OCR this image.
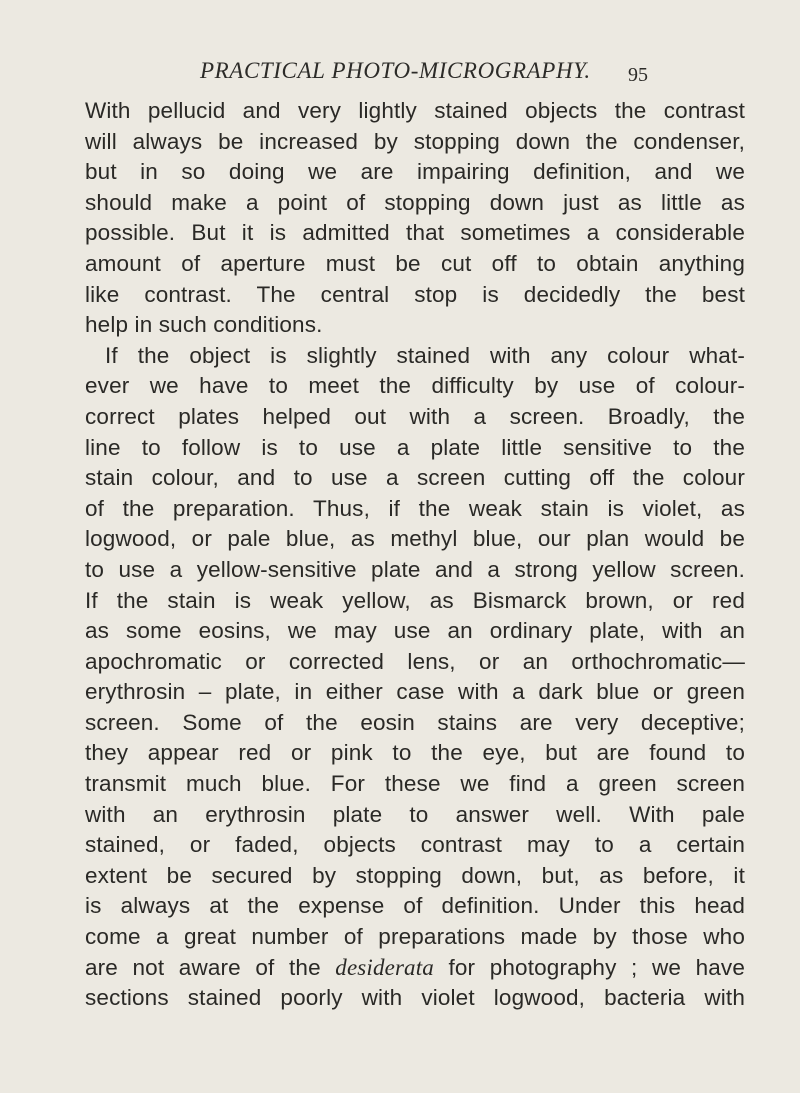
PRACTICAL PHOTO-MICROGRAPHY. 95
With pellucid and very lightly stained objects the contrast
will always be increased by stopping down the condenser,
but in so doing we are impairing definition, and we
should make a point of stopping down just as little as
possible. But it is admitted that sometimes a considerable
amount of aperture must be cut off to obtain anything
like contrast. The central stop is decidedly the best
help in such conditions.
If the object is slightly stained with any colour what-
ever we have to meet the difficulty by use of colour-
correct plates helped out with a screen. Broadly, the
line to follow is to use a plate little sensitive to the
stain colour, and to use a screen cutting off the colour
of the preparation. Thus, if the weak stain is violet, as
logwood, or pale blue, as methyl blue, our plan would be
to use a yellow-sensitive plate and a strong yellow screen.
If the stain is weak yellow, as Bismarck brown, or red
as some eosins, we may use an ordinary plate, with an
apochromatic or corrected lens, or an orthochromatic—
erythrosin – plate, in either case with a dark blue or green
screen. Some of the eosin stains are very deceptive;
they appear red or pink to the eye, but are found to
transmit much blue. For these we find a green screen
with an erythrosin plate to answer well. With pale
stained, or faded, objects contrast may to a certain
extent be secured by stopping down, but, as before, it
is always at the expense of definition. Under this head
come a great number of preparations made by those who
are not aware of the desiderata for photography ; we have
sections stained poorly with violet logwood, bacteria with
